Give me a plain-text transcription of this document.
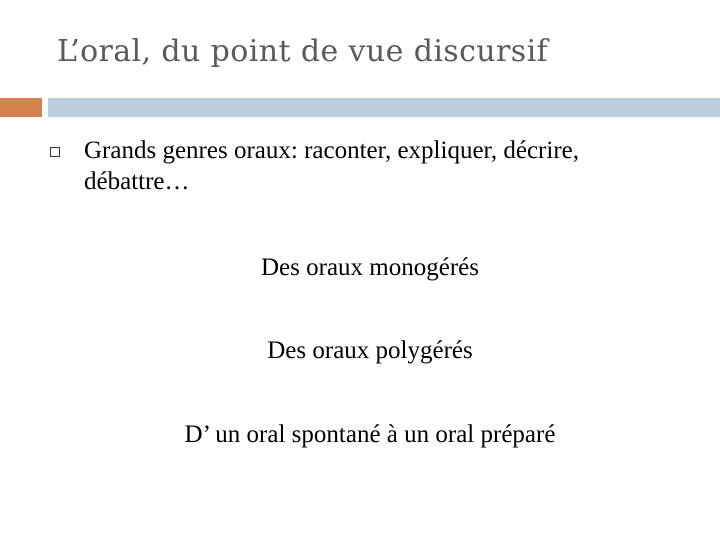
L’oral, du point de vue discursif

Grands genres oraux: raconter, expliquer, décrire, débattre…

Des oraux monogérés

Des oraux polygérés

D’ un oral spontané à un oral préparé
